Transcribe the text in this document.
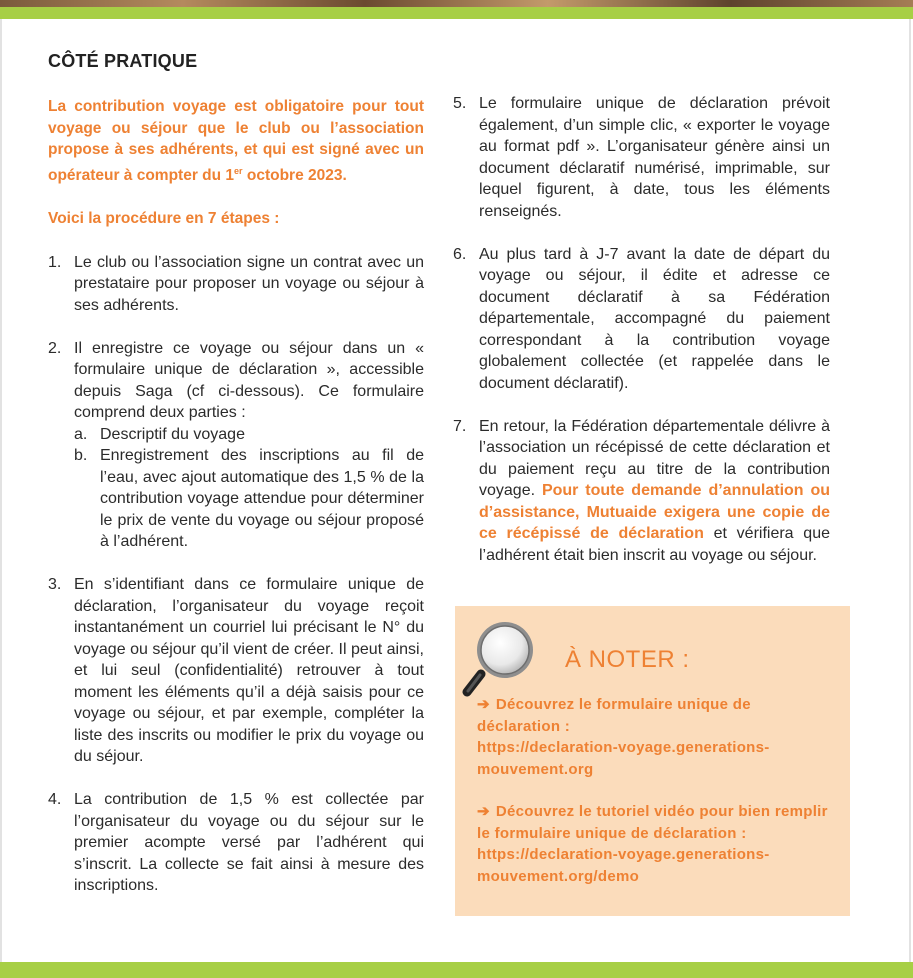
CÔTÉ PRATIQUE
La contribution voyage est obligatoire pour tout voyage ou séjour que le club ou l’association propose à ses adhérents, et qui est signé avec un opérateur à compter du 1er octobre 2023.
Voici la procédure en 7 étapes :
1. Le club ou l’association signe un contrat avec un prestataire pour proposer un voyage ou séjour à ses adhérents.
2. Il enregistre ce voyage ou séjour dans un « formulaire unique de déclaration », accessible depuis Saga (cf ci-dessous). Ce formulaire comprend deux parties :
a. Descriptif du voyage
b. Enregistrement des inscriptions au fil de l’eau, avec ajout automatique des 1,5 % de la contribution voyage attendue pour déterminer le prix de vente du voyage ou séjour proposé à l’adhérent.
3. En s’identifiant dans ce formulaire unique de déclaration, l’organisateur du voyage reçoit instantanément un courriel lui précisant le N° du voyage ou séjour qu’il vient de créer. Il peut ainsi, et lui seul (confidentialité) retrouver à tout moment les éléments qu’il a déjà saisis pour ce voyage ou séjour, et par exemple, compléter la liste des inscrits ou modifier le prix du voyage ou du séjour.
4. La contribution de 1,5 % est collectée par l’organisateur du voyage ou du séjour sur le premier acompte versé par l’adhérent qui s’inscrit. La collecte se fait ainsi à mesure des inscriptions.
5. Le formulaire unique de déclaration prévoit également, d’un simple clic, « exporter le voyage au format pdf ». L’organisateur génère ainsi un document déclaratif numérisé, imprimable, sur lequel figurent, à date, tous les éléments renseignés.
6. Au plus tard à J-7 avant la date de départ du voyage ou séjour, il édite et adresse ce document déclaratif à sa Fédération départementale, accompagné du paiement correspondant à la contribution voyage globalement collectée (et rappelée dans le document déclaratif).
7. En retour, la Fédération départementale délivre à l’association un récépissé de cette déclaration et du paiement reçu au titre de la contribution voyage. Pour toute demande d’annulation ou d’assistance, Mutuaide exigera une copie de ce récépissé de déclaration et vérifiera que l’adhérent était bien inscrit au voyage ou séjour.
À NOTER :
➔ Découvrez le formulaire unique de déclaration :
https://declaration-voyage.generations-mouvement.org
➔ Découvrez le tutoriel vidéo pour bien remplir le formulaire unique de déclaration :
https://declaration-voyage.generations-mouvement.org/demo
